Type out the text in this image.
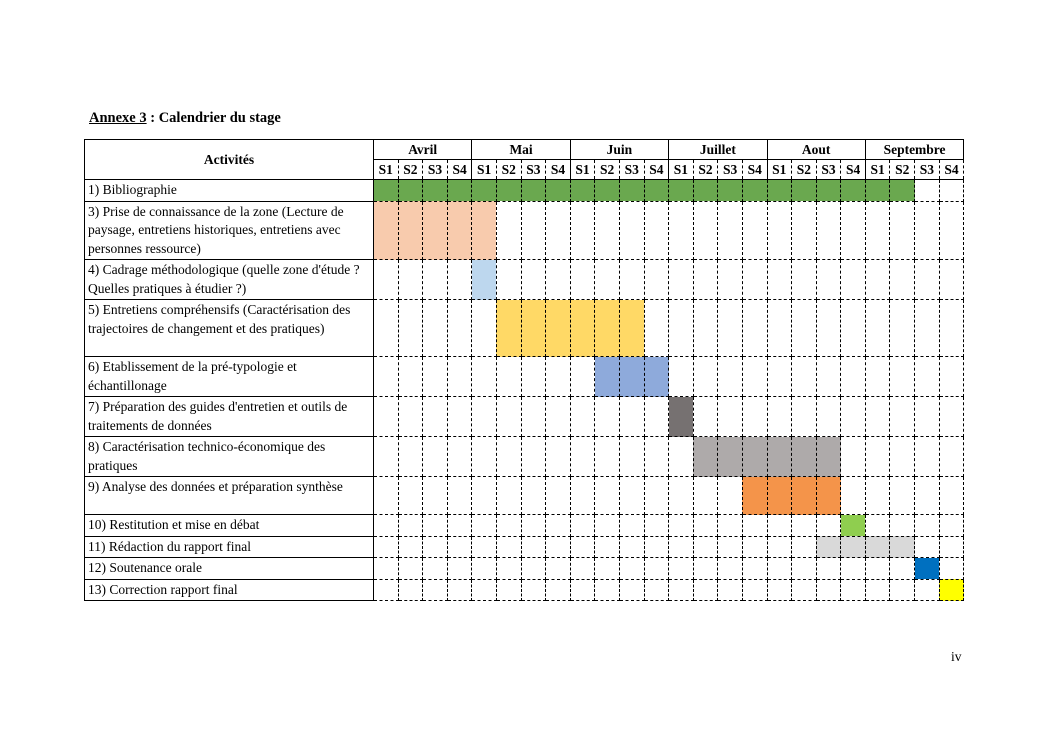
Annexe 3 : Calendrier du stage
Activités	Avril				Mai				Juin				Juillet				Aout				Septembre			
	S1	S2	S3	S4	S1	S2	S3	S4	S1	S2	S3	S4	S1	S2	S3	S4	S1	S2	S3	S4	S1	S2	S3	S4
1) Bibliographie																								
3) Prise de connaissance de la zone (Lecture de paysage, entretiens historiques, entretiens avec personnes ressource)																								
4) Cadrage méthodologique (quelle zone d'étude ? Quelles pratiques à étudier ?)																								
5) Entretiens compréhensifs (Caractérisation des trajectoires de changement et des pratiques)																								
6) Etablissement de la pré-typologie et échantillonage																								
7) Préparation des guides d'entretien et outils de traitements de données																								
8) Caractérisation technico-économique des pratiques																								
9) Analyse des données et préparation synthèse																								
10) Restitution et mise en débat																								
11) Rédaction du rapport final																								
12) Soutenance orale																								
13) Correction rapport final																								
iv
